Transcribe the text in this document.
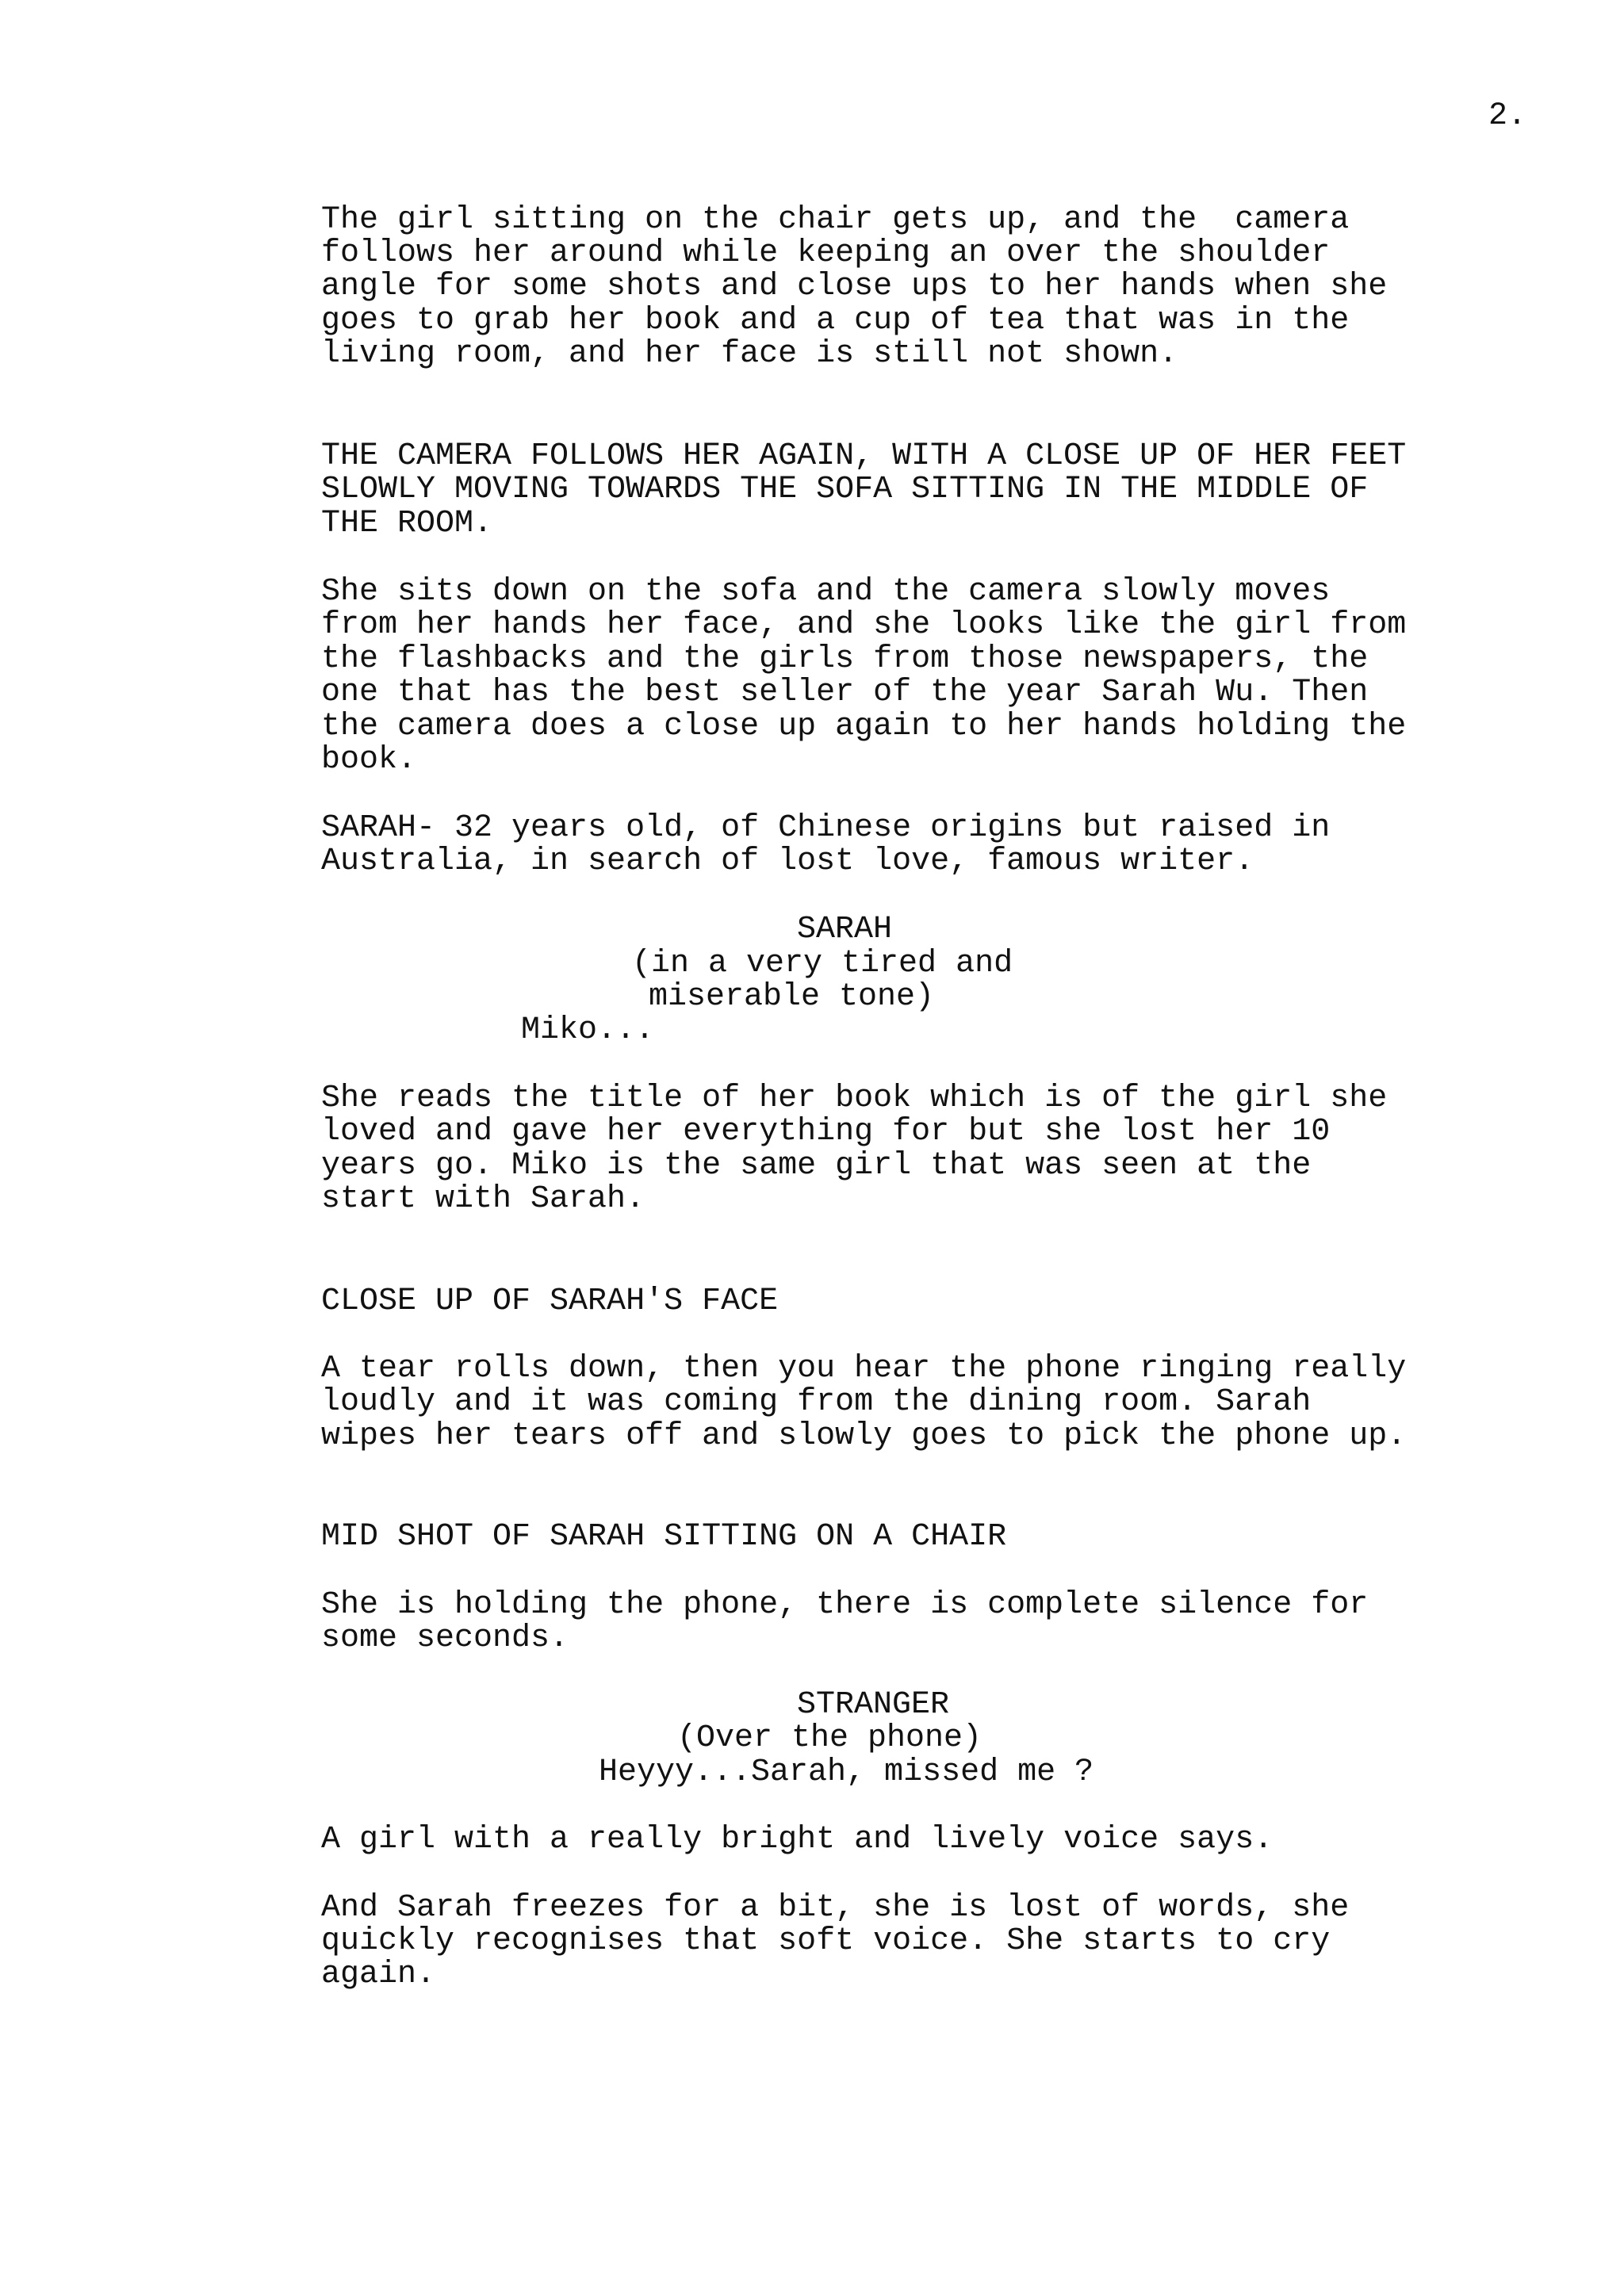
2.
The girl sitting on the chair gets up, and the  camera
follows her around while keeping an over the shoulder
angle for some shots and close ups to her hands when she
goes to grab her book and a cup of tea that was in the
living room, and her face is still not shown.
THE CAMERA FOLLOWS HER AGAIN, WITH A CLOSE UP OF HER FEET
SLOWLY MOVING TOWARDS THE SOFA SITTING IN THE MIDDLE OF
THE ROOM.
She sits down on the sofa and the camera slowly moves
from her hands her face, and she looks like the girl from
the flashbacks and the girls from those newspapers, the
one that has the best seller of the year Sarah Wu. Then
the camera does a close up again to her hands holding the
book.
SARAH- 32 years old, of Chinese origins but raised in
Australia, in search of lost love, famous writer.
SARAH
(in a very tired and
miserable tone)
Miko...
She reads the title of her book which is of the girl she
loved and gave her everything for but she lost her 10
years go. Miko is the same girl that was seen at the
start with Sarah.
CLOSE UP OF SARAH'S FACE
A tear rolls down, then you hear the phone ringing really
loudly and it was coming from the dining room. Sarah
wipes her tears off and slowly goes to pick the phone up.
MID SHOT OF SARAH SITTING ON A CHAIR
She is holding the phone, there is complete silence for
some seconds.
STRANGER
(Over the phone)
Heyyy...Sarah, missed me ?
A girl with a really bright and lively voice says.
And Sarah freezes for a bit, she is lost of words, she
quickly recognises that soft voice. She starts to cry
again.
